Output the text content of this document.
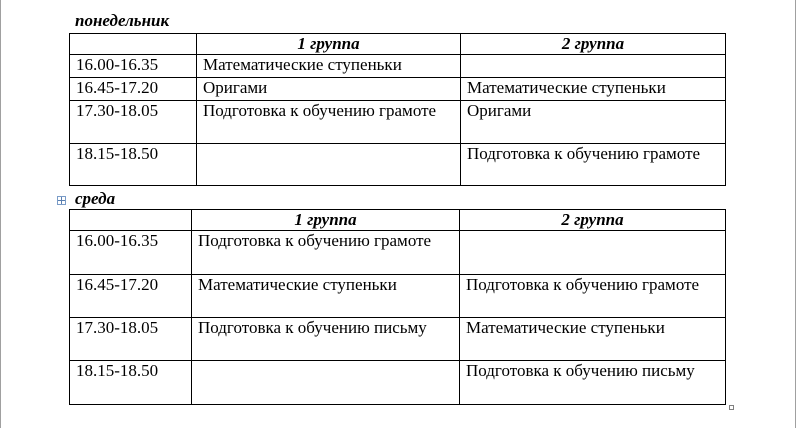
понедельник
	1 группа	2 группа
16.00-16.35	Математические ступеньки	
16.45-17.20	Оригами	Математические ступеньки
17.30-18.05	Подготовка к обучению грамоте	Оригами
18.15-18.50		Подготовка к обучению грамоте
среда
	1 группа	2 группа
16.00-16.35	Подготовка к обучению грамоте	
16.45-17.20	Математические ступеньки	Подготовка к обучению грамоте
17.30-18.05	Подготовка к обучению письму	Математические ступеньки
18.15-18.50		Подготовка к обучению письму
